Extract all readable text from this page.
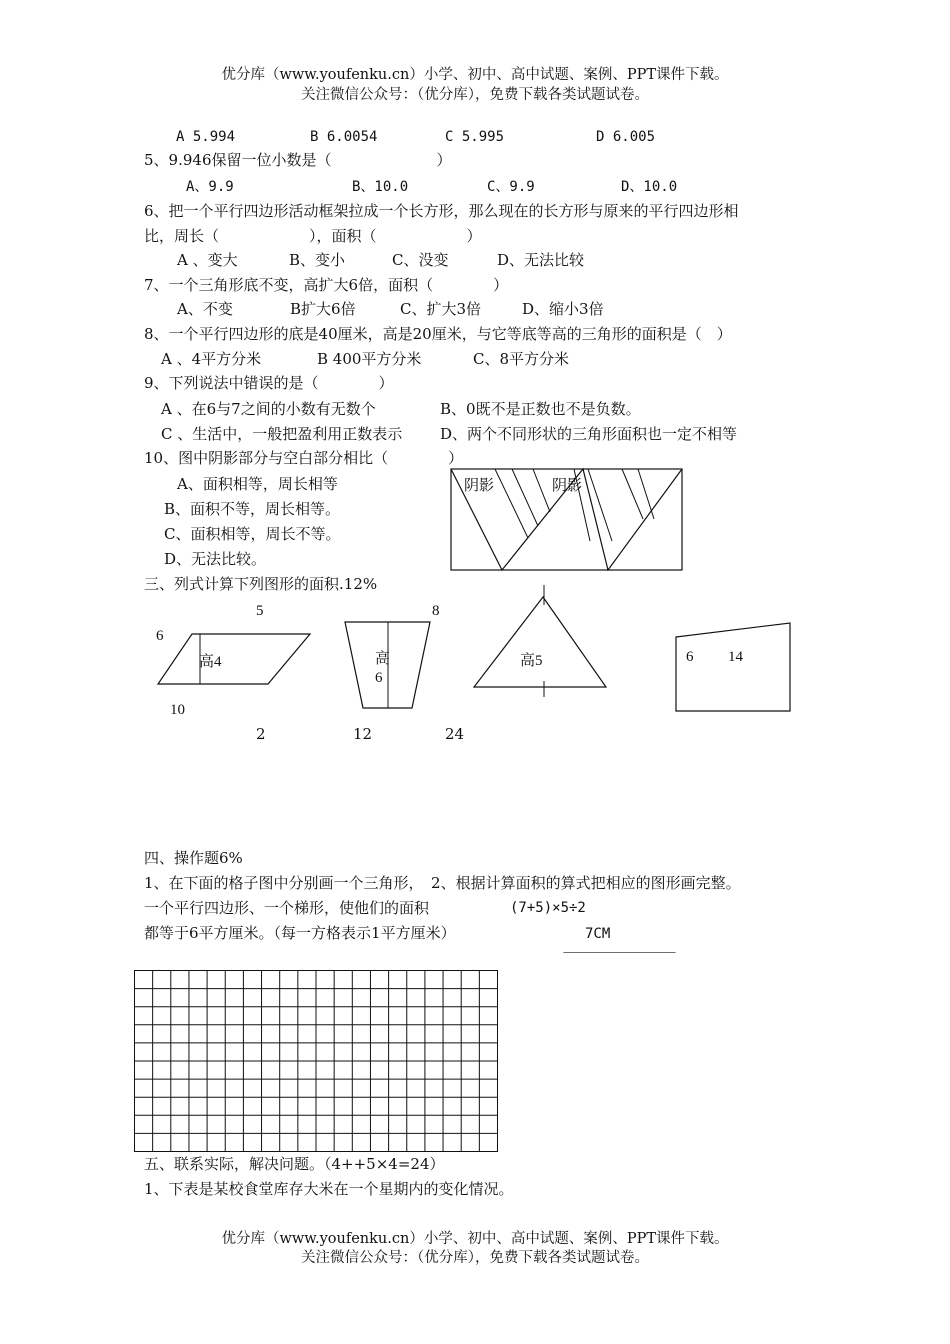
优分库（www.youfenku.cn）小学、初中、高中试题、案例、PPT课件下载。
关注微信公众号：（优分库），免费下载各类试题试卷。
A 5.994	B 6.0054	C 5.995	D 6.005
5、9.946保留一位小数是（　　　　　　　）
A、9.9	B、10.0	C、9.9	D、10.0
6、把一个平行四边形活动框架拉成一个长方形，那么现在的长方形与原来的平行四边形相
比，周长（　　　　　　），面积（　　　　　　）
A 、变大	B、变小	C、没变	D、无法比较
7、一个三角形底不变，高扩大6倍，面积（　　　　）
A、不变	B扩大6倍	C、扩大3倍	D、缩小3倍
8、一个平行四边形的底是40厘米，高是20厘米，与它等底等高的三角形的面积是（　）
A 、4平方分米	B 400平方分米	C、8平方分米
9、下列说法中错误的是（　　　　）
A 、在6与7之间的小数有无数个	B、0既不是正数也不是负数。
C 、生活中，一般把盈利用正数表示	D、两个不同形状的三角形面积也一定不相等
10、图中阴影部分与空白部分相比（　　　　）
A、面积相等，周长相等
B、面积不等，周长相等。
C、面积相等，周长不等。
D、无法比较。
阴影	阴影
三、列式计算下列图形的面积.12%
5
6
高4
10
2
8
高
6
12
高5
24
6 14
四、操作题6%
1、在下面的格子图中分别画一个三角形，　2、根据计算面积的算式把相应的图形画完整。
一个平行四边形、一个梯形，使他们的面积	(7+5)×5÷2
都等于6平方厘米。（每一方格表示1平方厘米）	7CM
——————————————
五、联系实际，解决问题。（4++5×4=24）
1、下表是某校食堂库存大米在一个星期内的变化情况。
优分库（www.youfenku.cn）小学、初中、高中试题、案例、PPT课件下载。
关注微信公众号：（优分库），免费下载各类试题试卷。
